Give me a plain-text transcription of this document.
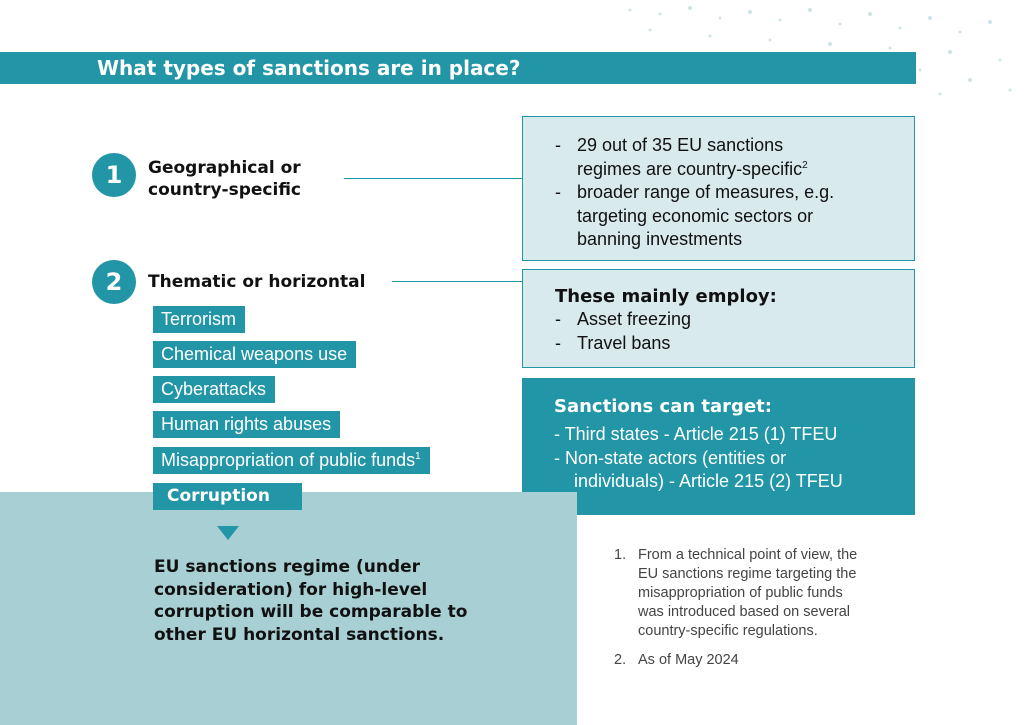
What types of sanctions are in place?
1	Geographical or
country-specific
- 29 out of 35 EU sanctions
regimes are country-specific$^2$
- broader range of measures, e.g.
targeting economic sectors or
banning investments
2	Thematic or horizontal
These mainly employ:
- Asset freezing
- Travel bans
Sanctions can target:
- Third states - Article 215 (1) TFEU
- Non-state actors (entities or
individuals) - Article 215 (2) TFEU
Terrorism
Chemical weapons use
Cyberattacks
Human rights abuses
Misappropriation of public funds$^1$
Corruption
EU sanctions regime (under
consideration) for high-level
corruption will be comparable to
other EU horizontal sanctions.
1. From a technical point of view, the
EU sanctions regime targeting the
misappropriation of public funds
was introduced based on several
country-specific regulations.
2. As of May 2024
